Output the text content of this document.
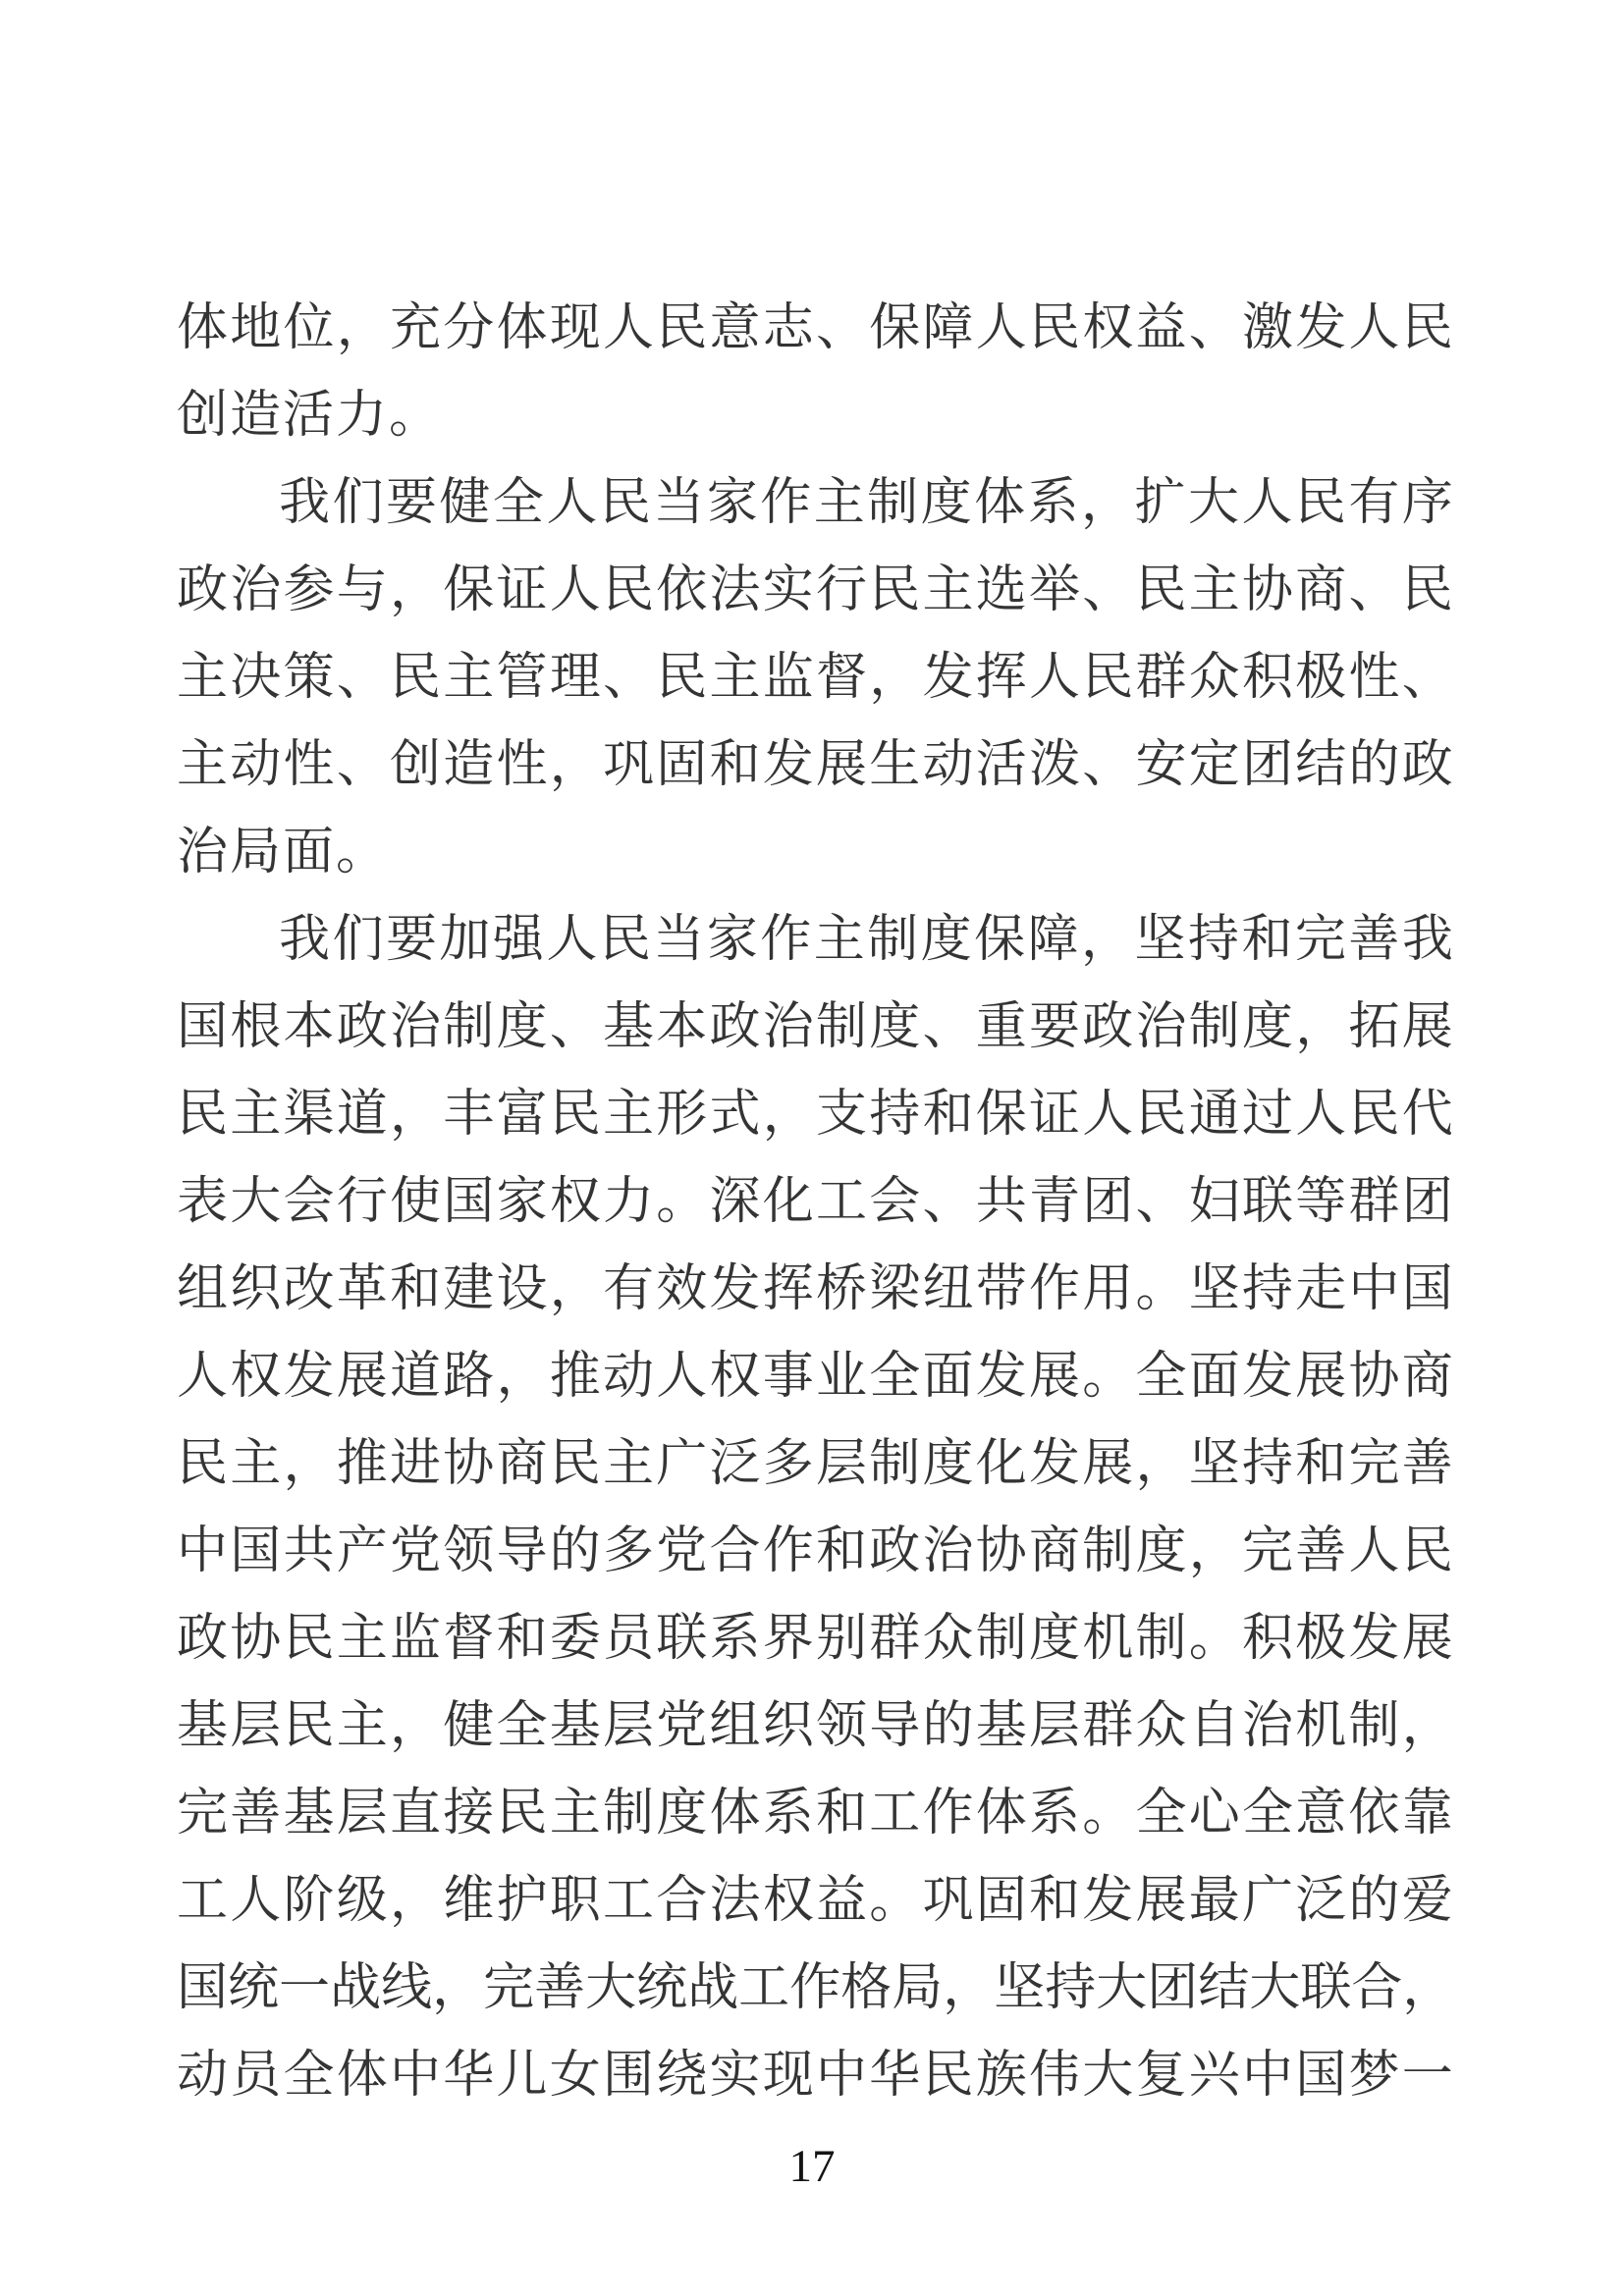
体 地 位 ， 充 分 体 现 人 民 意 志 、 保 障 人 民 权 益 、 激 发 人 民
创造活力。
我 们 要 健 全 人 民 当 家 作 主 制 度 体 系 ， 扩 大 人 民 有 序
政 治 参 与 ， 保 证 人 民 依 法 实 行 民 主 选 举 、 民 主 协 商 、 民
主 决 策 、 民 主 管 理 、 民 主 监 督 ， 发 挥 人 民 群 众 积 极 性 、
主 动 性 、 创 造 性 ， 巩 固 和 发 展 生 动 活 泼 、 安 定 团 结 的 政
治局面。
我 们 要 加 强 人 民 当 家 作 主 制 度 保 障 ， 坚 持 和 完 善 我
国 根 本 政 治 制 度 、 基 本 政 治 制 度 、 重 要 政 治 制 度 ， 拓 展
民 主 渠 道 ， 丰 富 民 主 形 式 ， 支 持 和 保 证 人 民 通 过 人 民 代
表 大 会 行 使 国 家 权 力 。 深 化 工 会 、 共 青 团 、 妇 联 等 群 团
组 织 改 革 和 建 设 ， 有 效 发 挥 桥 梁 纽 带 作 用 。 坚 持 走 中 国
人 权 发 展 道 路 ， 推 动 人 权 事 业 全 面 发 展 。 全 面 发 展 协 商
民 主 ， 推 进 协 商 民 主 广 泛 多 层 制 度 化 发 展 ， 坚 持 和 完 善
中 国 共 产 党 领 导 的 多 党 合 作 和 政 治 协 商 制 度 ， 完 善 人 民
政 协 民 主 监 督 和 委 员 联 系 界 别 群 众 制 度 机 制 。 积 极 发 展
基 层 民 主 ， 健 全 基 层 党 组 织 领 导 的 基 层 群 众 自 治 机 制 ，
完 善 基 层 直 接 民 主 制 度 体 系 和 工 作 体 系 。 全 心 全 意 依 靠
工 人 阶 级 ， 维 护 职 工 合 法 权 益 。 巩 固 和 发 展 最 广 泛 的 爱
国 统 一 战 线 ， 完 善 大 统 战 工 作 格 局 ， 坚 持 大 团 结 大 联 合 ，
动 员 全 体 中 华 儿 女 围 绕 实 现 中 华 民 族 伟 大 复 兴 中 国 梦 一
17
